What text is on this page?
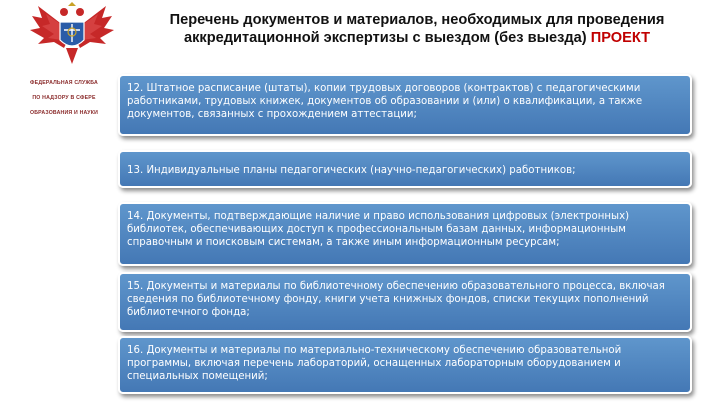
ФЕДЕРАЛЬНАЯ СЛУЖБА
ПО НАДЗОРУ В СФЕРЕ
ОБРАЗОВАНИЯ И НАУКИ
Перечень документов и материалов, необходимых для проведения
аккредитационной экспертизы с выездом (без выезда) ПРОЕКТ
12. Штатное расписание (штаты), копии трудовых договоров (контрактов) с педагогическими работниками, трудовых книжек, документов об образовании и (или) о квалификации, а также документов, связанных с прохождением аттестации;
13. Индивидуальные планы педагогических (научно-педагогических) работников;
14. Документы, подтверждающие наличие и право использования цифровых (электронных) библиотек, обеспечивающих доступ к профессиональным базам данных, информационным справочным и поисковым системам, а также иным информационным ресурсам;
15. Документы и материалы по библиотечному обеспечению образовательного процесса, включая сведения по библиотечному фонду, книги учета книжных фондов, списки текущих пополнений библиотечного фонда;
16. Документы и материалы по материально-техническому обеспечению образовательной программы, включая перечень лабораторий, оснащенных лабораторным оборудованием и специальных помещений;
